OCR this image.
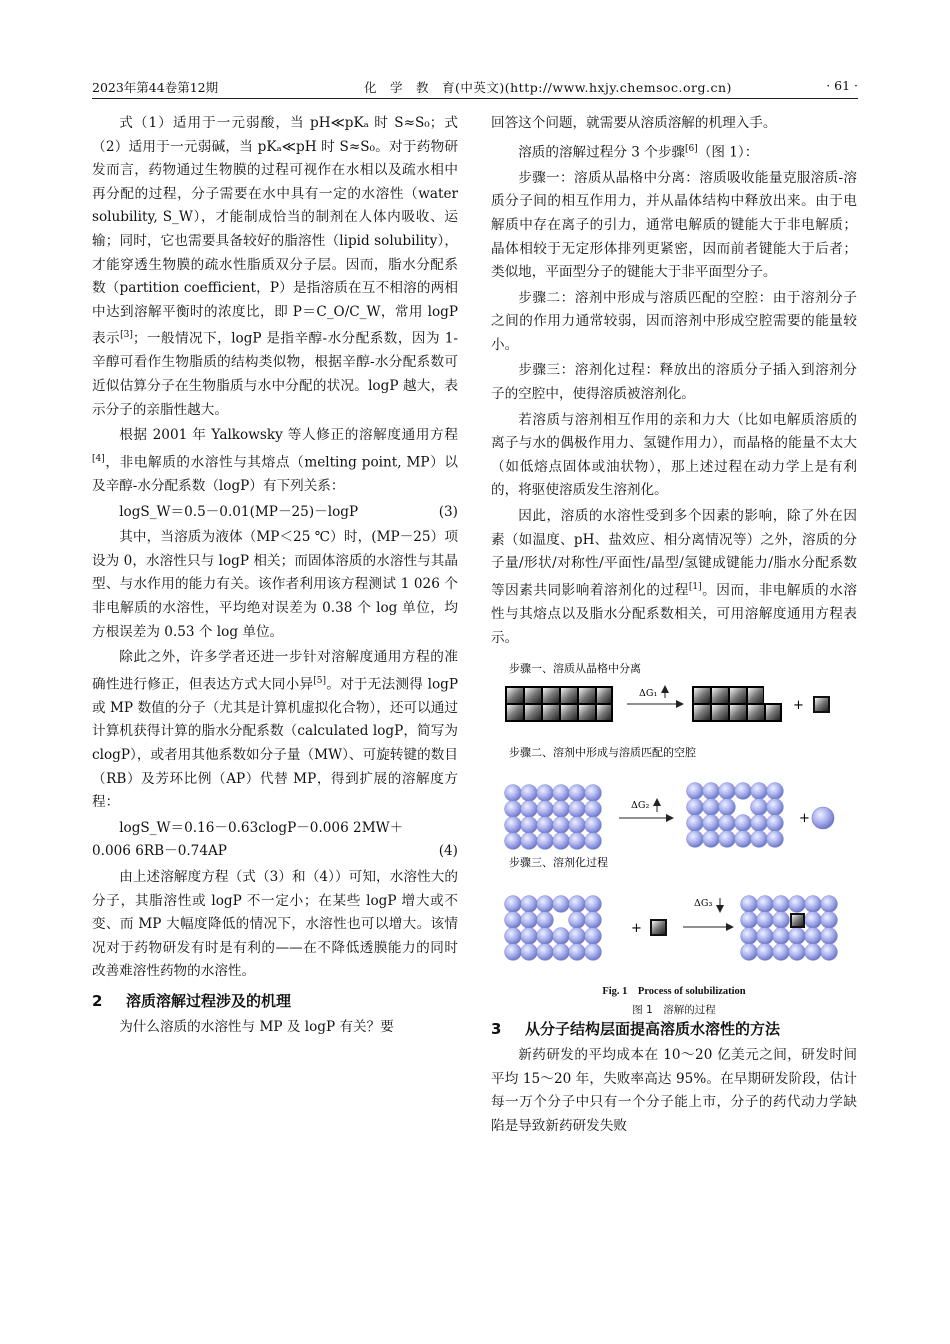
2023年第44卷第12期	化　学　教　育(中英文)(http://www.hxjy.chemsoc.org.cn)	· 61 ·

式（1）适用于一元弱酸，当 pH≪pKₐ 时 S≈S₀；式（2）适用于一元弱碱，当 pKₐ≪pH 时 S≈S₀。对于药物研发而言，药物通过生物膜的过程可视作在水相以及疏水相中再分配的过程，分子需要在水中具有一定的水溶性（water solubility, S_W），才能制成恰当的制剂在人体内吸收、运输；同时，它也需要具备较好的脂溶性（lipid solubility），才能穿透生物膜的疏水性脂质双分子层。因而，脂水分配系数（partition coefficient，P）是指溶质在互不相溶的两相中达到溶解平衡时的浓度比，即 P＝C_O/C_W，常用 logP 表示[3]；一般情况下，logP 是指辛醇-水分配系数，因为 1-辛醇可看作生物脂质的结构类似物，根据辛醇-水分配系数可近似估算分子在生物脂质与水中分配的状况。logP 越大，表示分子的亲脂性越大。

根据 2001 年 Yalkowsky 等人修正的溶解度通用方程[4]，非电解质的水溶性与其熔点（melting point, MP）以及辛醇-水分配系数（logP）有下列关系：

logS_W＝0.5－0.01(MP－25)－logP	(3)

其中，当溶质为液体（MP＜25 ℃）时，(MP－25）项设为 0，水溶性只与 logP 相关；而固体溶质的水溶性与其晶型、与水作用的能力有关。该作者利用该方程测试 1 026 个非电解质的水溶性，平均绝对误差为 0.38 个 log 单位，均方根误差为 0.53 个 log 单位。

除此之外，许多学者还进一步针对溶解度通用方程的准确性进行修正，但表达方式大同小异[5]。对于无法测得 logP 或 MP 数值的分子（尤其是计算机虚拟化合物），还可以通过计算机获得计算的脂水分配系数（calculated logP，简写为 clogP），或者用其他系数如分子量（MW）、可旋转键的数目（RB）及芳环比例（AP）代替 MP，得到扩展的溶解度方程：

logS_W＝0.16－0.63clogP－0.006 2MW＋
0.006 6RB－0.74AP	(4)

由上述溶解度方程（式（3）和（4））可知，水溶性大的分子，其脂溶性或 logP 不一定小；在某些 logP 增大或不变、而 MP 大幅度降低的情况下，水溶性也可以增大。该情况对于药物研发有时是有利的——在不降低透膜能力的同时改善难溶性药物的水溶性。

2 溶质溶解过程涉及的机理

为什么溶质的水溶性与 MP 及 logP 有关？要

回答这个问题，就需要从溶质溶解的机理入手。

溶质的溶解过程分 3 个步骤[6]（图 1）：

步骤一：溶质从晶格中分离：溶质吸收能量克服溶质-溶质分子间的相互作用力，并从晶体结构中释放出来。由于电解质中存在离子的引力，通常电解质的键能大于非电解质；晶体相较于无定形体排列更紧密，因而前者键能大于后者；类似地，平面型分子的键能大于非平面型分子。

步骤二：溶剂中形成与溶质匹配的空腔：由于溶剂分子之间的作用力通常较弱，因而溶剂中形成空腔需要的能量较小。

步骤三：溶剂化过程：释放出的溶质分子插入到溶剂分子的空腔中，使得溶质被溶剂化。

若溶质与溶剂相互作用的亲和力大（比如电解质溶质的离子与水的偶极作用力、氢键作用力），而晶格的能量不太大（如低熔点固体或油状物），那上述过程在动力学上是有利的，将驱使溶质发生溶剂化。

因此，溶质的水溶性受到多个因素的影响，除了外在因素（如温度、pH、盐效应、相分离情况等）之外，溶质的分子量/形状/对称性/平面性/晶型/氢键成键能力/脂水分配系数等因素共同影响着溶剂化的过程[1]。因而，非电解质的水溶性与其熔点以及脂水分配系数相关，可用溶解度通用方程表示。

步骤一、溶质从晶格中分离
ΔG₁
+
步骤二、溶剂中形成与溶质匹配的空腔
ΔG₂
+
步骤三、溶剂化过程
+
ΔG₃
Fig. 1　Process of solubilization
图 1　溶解的过程
3 从分子结构层面提高溶质水溶性的方法

新药研发的平均成本在 10～20 亿美元之间，研发时间平均 15～20 年，失败率高达 95%。在早期研发阶段，估计每一万个分子中只有一个分子能上市，分子的药代动力学缺陷是导致新药研发失败
